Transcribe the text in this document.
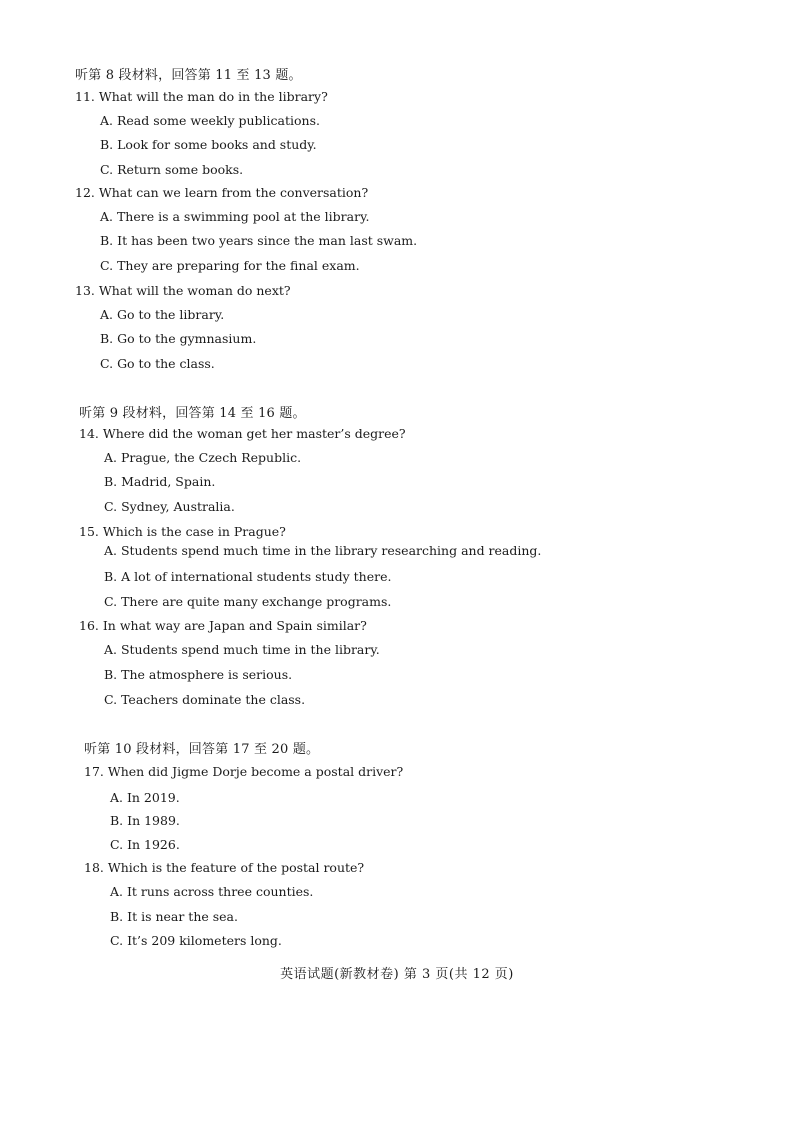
听第 8 段材料，回答第 11 至 13 题。
11. What will the man do in the library?
A. Read some weekly publications.
B. Look for some books and study.
C. Return some books.
12. What can we learn from the conversation?
A. There is a swimming pool at the library.
B. It has been two years since the man last swam.
C. They are preparing for the final exam.
13. What will the woman do next?
A. Go to the library.
B. Go to the gymnasium.
C. Go to the class.
听第 9 段材料，回答第 14 至 16 题。
14. Where did the woman get her master’s degree?
A. Prague, the Czech Republic.
B. Madrid, Spain.
C. Sydney, Australia.
15. Which is the case in Prague?
A. Students spend much time in the library researching and reading.
B. A lot of international students study there.
C. There are quite many exchange programs.
16. In what way are Japan and Spain similar?
A. Students spend much time in the library.
B. The atmosphere is serious.
C. Teachers dominate the class.
听第 10 段材料，回答第 17 至 20 题。
17. When did Jigme Dorje become a postal driver?
A. In 2019.
B. In 1989.
C. In 1926.
18. Which is the feature of the postal route?
A. It runs across three counties.
B. It is near the sea.
C. It’s 209 kilometers long.
英语试题(新教材卷) 第 3 页(共 12 页)
